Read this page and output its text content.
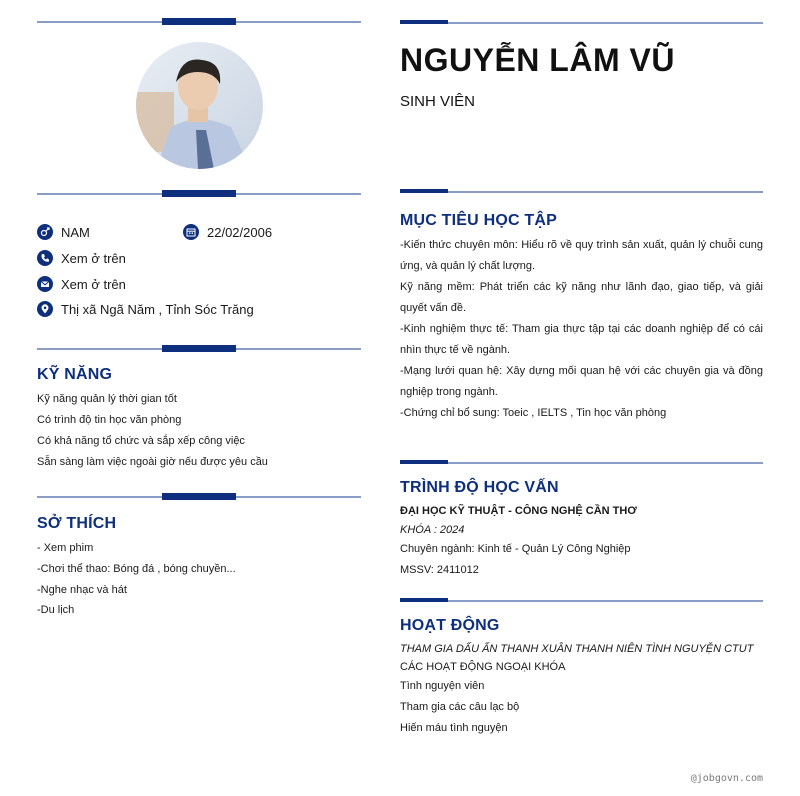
NAM	22/02/2006
Xem ở trên
Xem ở trên
Thị xã Ngã Năm , Tỉnh Sóc Trăng
KỸ NĂNG
Kỹ năng quản lý thời gian tốt
Có trình độ tin học văn phòng
Có khả năng tổ chức và sắp xếp công việc
Sẵn sàng làm việc ngoài giờ nếu được yêu cầu
SỞ THÍCH
- Xem phim
-Chơi thể thao: Bóng đá , bóng chuyền...
-Nghe nhạc và hát
-Du lịch
NGUYỄN LÂM VŨ
SINH VIÊN
MỤC TIÊU HỌC TẬP
-Kiến thức chuyên môn: Hiểu rõ về quy trình sản xuất, quản lý chuỗi cung ứng, và quản lý chất lượng.
Kỹ năng mềm: Phát triển các kỹ năng như lãnh đạo, giao tiếp, và giải quyết vấn đề.
-Kinh nghiệm thực tế: Tham gia thực tập tại các doanh nghiệp để có cái nhìn thực tế về ngành.
-Mạng lưới quan hệ: Xây dựng mối quan hệ với các chuyên gia và đồng nghiệp trong ngành.
-Chứng chỉ bổ sung: Toeic , IELTS , Tin học văn phòng
TRÌNH ĐỘ HỌC VẤN
ĐẠI HỌC KỸ THUẬT - CÔNG NGHỆ CẦN THƠ
KHÓA : 2024
Chuyên ngành: Kinh tế - Quản Lý Công Nghiệp
MSSV: 2411012
HOẠT ĐỘNG
THAM GIA DẤU ẤN THANH XUÂN THANH NIÊN TÌNH NGUYỆN CTUT
CÁC HOẠT ĐỘNG NGOẠI KHÓA
Tình nguyện viên
Tham gia các câu lạc bộ
Hiến máu tình nguyện
@jobgovn.com
